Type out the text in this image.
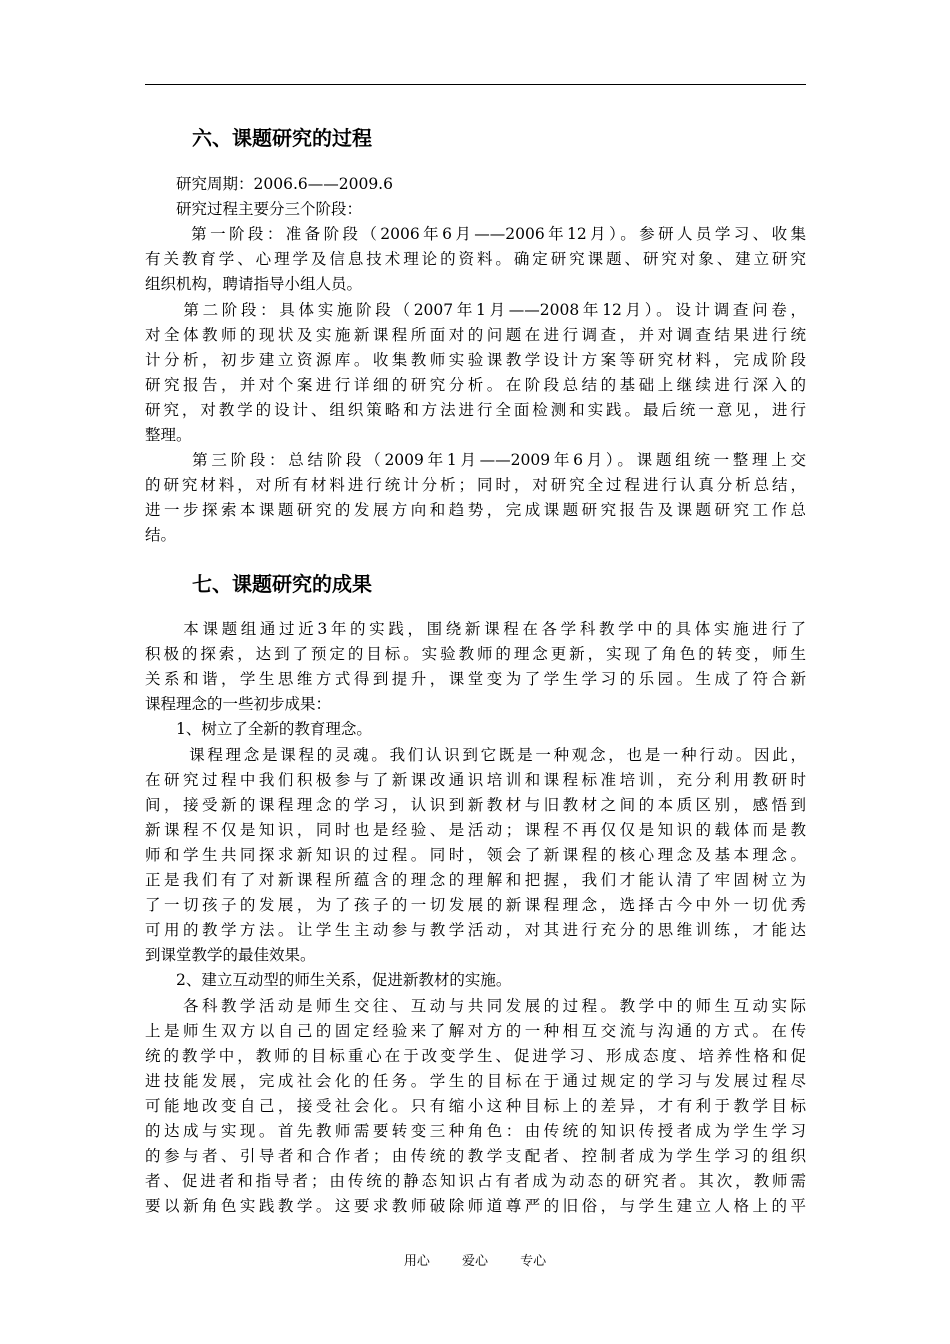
六、课题研究的过程
　　研究周期：2006.6——2009.6
　　研究过程主要分三个阶段：
　　 第一阶段：准备阶段（2006年6月——2006年12月）。参研人员学习、收集
有关教育学、心理学及信息技术理论的资料。确定研究课题、研究对象、建立研究
组织机构，聘请指导小组人员。
　　第二阶段：具体实施阶段（2007年1月——2008年12月）。设计调查问卷，
对全体教师的现状及实施新课程所面对的问题在进行调查，并对调查结果进行统
计分析，初步建立资源库。收集教师实验课教学设计方案等研究材料，完成阶段
研究报告，并对个案进行详细的研究分析。在阶段总结的基础上继续进行深入的
研究，对教学的设计、组织策略和方法进行全面检测和实践。最后统一意见，进行
整理。
　　 第三阶段：总结阶段（2009年1月——2009年6月）。课题组统一整理上交
的研究材料，对所有材料进行统计分析；同时，对研究全过程进行认真分析总结，
进一步探索本课题研究的发展方向和趋势，完成课题研究报告及课题研究工作总
结。
七、课题研究的成果
　　本课题组通过近3年的实践，围绕新课程在各学科教学中的具体实施进行了
积极的探索，达到了预定的目标。实验教师的理念更新，实现了角色的转变，师生
关系和谐，学生思维方式得到提升，课堂变为了学生学习的乐园。生成了符合新
课程理念的一些初步成果：
　　1、树立了全新的教育理念。
　　 课程理念是课程的灵魂。我们认识到它既是一种观念，也是一种行动。因此，
在研究过程中我们积极参与了新课改通识培训和课程标准培训，充分利用教研时
间，接受新的课程理念的学习，认识到新教材与旧教材之间的本质区别，感悟到
新课程不仅是知识，同时也是经验、是活动；课程不再仅仅是知识的载体而是教
师和学生共同探求新知识的过程。同时，领会了新课程的核心理念及基本理念。
正是我们有了对新课程所蕴含的理念的理解和把握，我们才能认清了牢固树立为
了一切孩子的发展，为了孩子的一切发展的新课程理念，选择古今中外一切优秀
可用的教学方法。让学生主动参与教学活动，对其进行充分的思维训练，才能达
到课堂教学的最佳效果。
　　2、建立互动型的师生关系，促进新教材的实施。
　　各科教学活动是师生交往、互动与共同发展的过程。教学中的师生互动实际
上是师生双方以自己的固定经验来了解对方的一种相互交流与沟通的方式。在传
统的教学中，教师的目标重心在于改变学生、促进学习、形成态度、培养性格和促
进技能发展，完成社会化的任务。学生的目标在于通过规定的学习与发展过程尽
可能地改变自己，接受社会化。只有缩小这种目标上的差异，才有利于教学目标
的达成与实现。首先教师需要转变三种角色：由传统的知识传授者成为学生学习
的参与者、引导者和合作者；由传统的教学支配者、控制者成为学生学习的组织
者、促进者和指导者；由传统的静态知识占有者成为动态的研究者。其次，教师需
要以新角色实践教学。这要求教师破除师道尊严的旧俗，与学生建立人格上的平
用心 爱心 专心
